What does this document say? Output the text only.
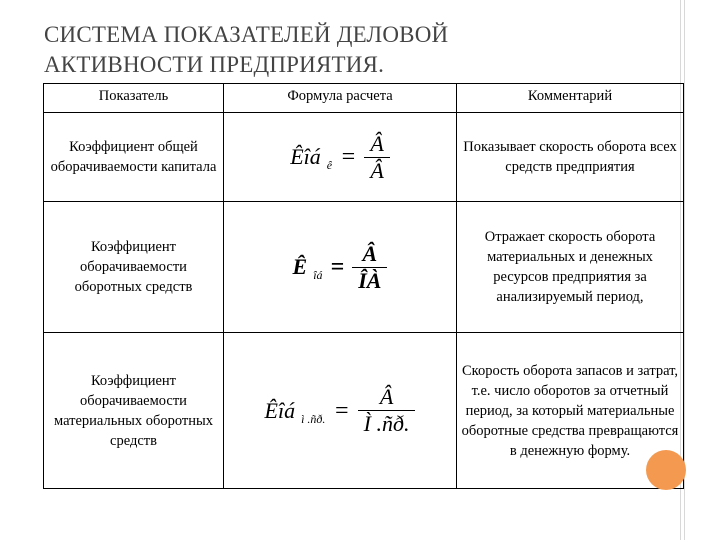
СИСТЕМА ПОКАЗАТЕЛЕЙ ДЕЛОВОЙ АКТИВНОСТИ ПРЕДПРИЯТИЯ.
Показатель	Формула расчета	Комментарий
Коэффициент общей оборачиваемости капитала	Êîá ê = $\frac{Â}{Â}$	Показывает скорость оборота всех средств предприятия
Коэффициент оборачиваемости оборотных средств	Ê îá = $\frac{Â}{ÎÀ}$	Отражает скорость оборота материальных и денежных ресурсов предприятия за анализируемый период,
Коэффициент оборачиваемости материальных оборотных средств	Êîá ì .ñð. = $\frac{Â}{Ì .ñð.}$	Скорость оборота запасов и затрат, т.е. число оборотов за отчетный период, за который материальные оборотные средства превращаются в денежную форму.
